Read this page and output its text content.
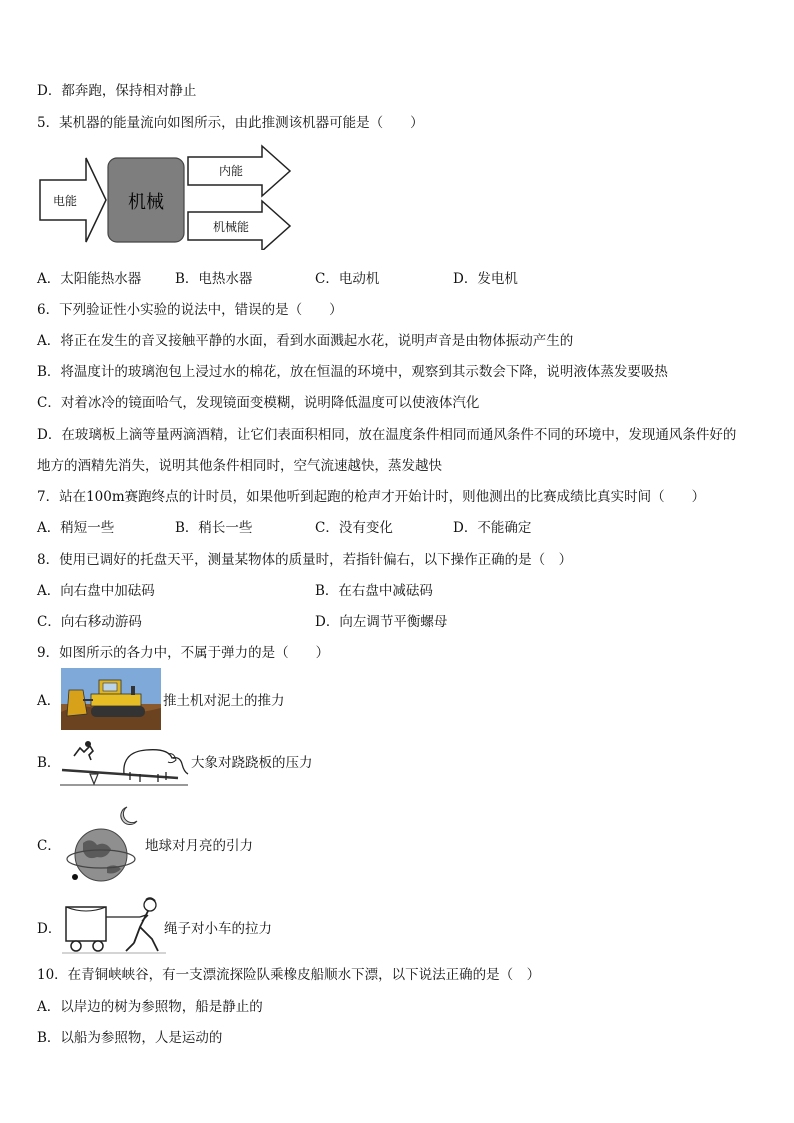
D．都奔跑，保持相对静止
5．某机器的能量流向如图所示，由此推测该机器可能是（　　）
电能	机械
内能
机械能
A．太阳能热水器	B．电热水器	C．电动机	D．发电机
6．下列验证性小实验的说法中，错误的是（　　）
A．将正在发生的音叉接触平静的水面，看到水面溅起水花，说明声音是由物体振动产生的
B．将温度计的玻璃泡包上浸过水的棉花，放在恒温的环境中，观察到其示数会下降，说明液体蒸发要吸热
C．对着冰冷的镜面哈气，发现镜面变模糊，说明降低温度可以使液体汽化
D．在玻璃板上滴等量两滴酒精，让它们表面积相同，放在温度条件相同而通风条件不同的环境中，发现通风条件好的
地方的酒精先消失，说明其他条件相同时，空气流速越快，蒸发越快
7．站在100m赛跑终点的计时员，如果他听到起跑的枪声才开始计时，则他测出的比赛成绩比真实时间（　　）
A．稍短一些	B．稍长一些	C．没有变化	D．不能确定
8．使用已调好的托盘天平，测量某物体的质量时，若指针偏右，以下操作正确的是（　）
A．向右盘中加砝码	B．在右盘中减砝码
C．向右移动游码	D．向左调节平衡螺母
9．如图所示的各力中，不属于弹力的是（　　）
A．	推土机对泥土的推力
B．	大象对跷跷板的压力
C．	地球对月亮的引力
D．	绳子对小车的拉力
10．在青铜峡峡谷，有一支漂流探险队乘橡皮船顺水下漂，以下说法正确的是（　）
A．以岸边的树为参照物，船是静止的
B．以船为参照物，人是运动的
